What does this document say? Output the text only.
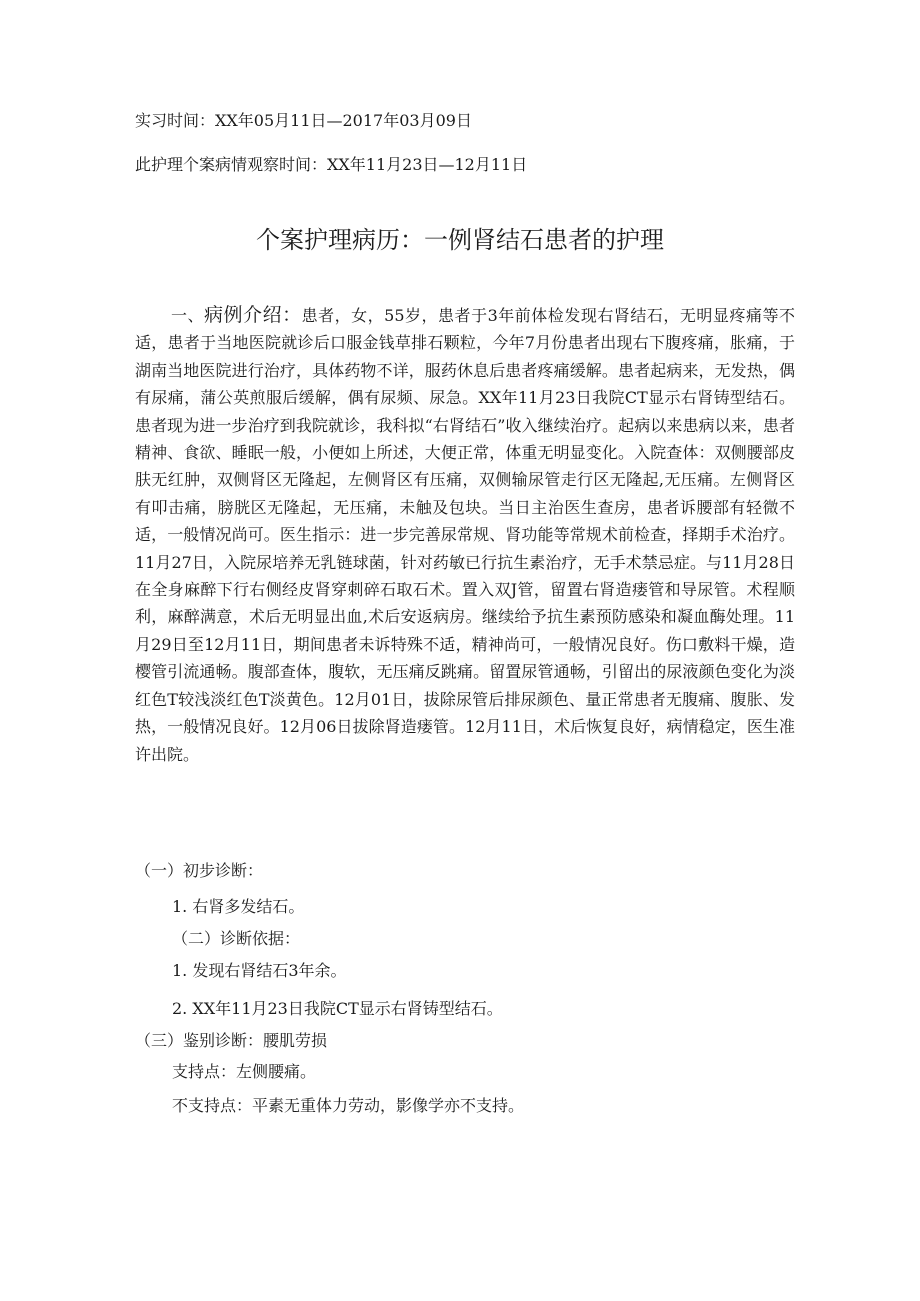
实习时间：XX年05月11日—2017年03月09日
此护理个案病情观察时间：XX年11月23日—12月11日
个案护理病历：一例肾结石患者的护理

一、病例介绍：患者，女，55岁，患者于3年前体检发现右肾结石，无明显疼痛等不适，患者于当地医院就诊后口服金钱草排石颗粒，今年7月份患者出现右下腹疼痛，胀痛，于湖南当地医院进行治疗，具体药物不详，服药休息后患者疼痛缓解。患者起病来，无发热，偶有尿痛，蒲公英煎服后缓解，偶有尿频、尿急。XX年11月23日我院CT显示右肾铸型结石。患者现为进一步治疗到我院就诊，我科拟“右肾结石”收入继续治疗。起病以来患病以来，患者精神、食欲、睡眠一般，小便如上所述，大便正常，体重无明显变化。入院查体：双侧腰部皮肤无红肿，双侧肾区无隆起，左侧肾区有压痛，双侧输尿管走行区无隆起,无压痛。左侧肾区有叩击痛，膀胱区无隆起，无压痛，未触及包块。当日主治医生查房，患者诉腰部有轻微不适，一般情况尚可。医生指示：进一步完善尿常规、肾功能等常规术前检查，择期手术治疗。11月27日，入院尿培养无乳链球菌，针对药敏已行抗生素治疗，无手术禁忌症。与11月28日在全身麻醉下行右侧经皮肾穿刺碎石取石术。置入双J管，留置右肾造瘘管和导尿管。术程顺利，麻醉满意，术后无明显出血,术后安返病房。继续给予抗生素预防感染和凝血酶处理。11月29日至12月11日，期间患者未诉特殊不适，精神尚可，一般情况良好。伤口敷料干燥，造樱管引流通畅。腹部查体，腹软，无压痛反跳痛。留置尿管通畅，引留出的尿液颜色变化为淡红色T较浅淡红色T淡黄色。12月01日，拔除尿管后排尿颜色、量正常患者无腹痛、腹胀、发热，一般情况良好。12月06日拔除肾造瘘管。12月11日，术后恢复良好，病情稳定，医生准许出院。

（一）初步诊断：
1. 右肾多发结石。
（二）诊断依据：
1. 发现右肾结石3年余。
2. XX年11月23日我院CT显示右肾铸型结石。
（三）鉴别诊断：腰肌劳损
支持点：左侧腰痛。
不支持点：平素无重体力劳动，影像学亦不支持。
